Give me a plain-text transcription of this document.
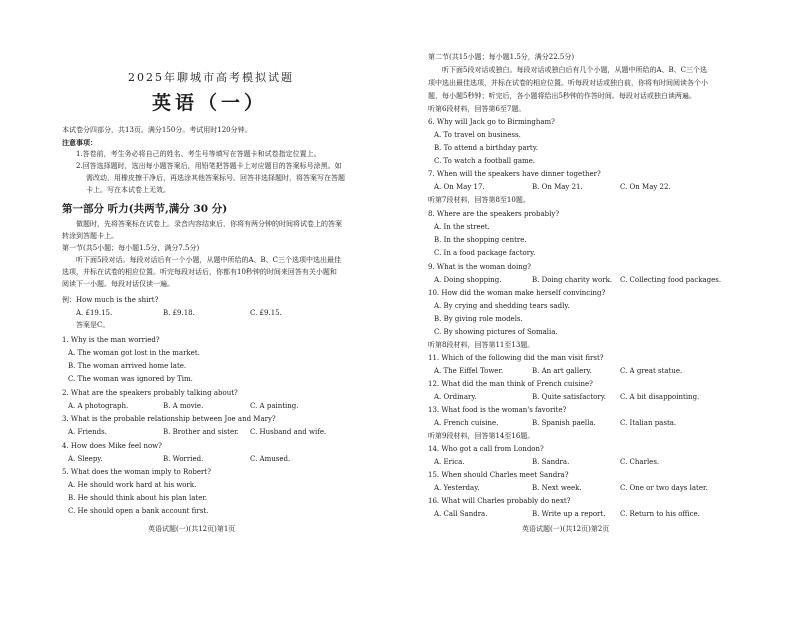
2025年聊城市高考模拟试题
英语（一）
本试卷分四部分，共13页。满分150分。考试用时120分钟。
注意事项：
1.答卷前，考生务必将自己的姓名、考生号等填写在答题卡和试卷指定位置上。
2.回答选择题时，选出每小题答案后，用铅笔把答题卡上对应题目的答案标号涂黑。如
需改动，用橡皮擦干净后，再选涂其他答案标号。回答非选择题时，将答案写在答题
卡上。写在本试卷上无效。
第一部分 听力(共两节,满分 30 分)
做题时，先将答案标在试卷上。录音内容结束后，你将有两分钟的时间将试卷上的答案
转涂到答题卡上。
第一节(共5小题；每小题1.5分，满分7.5分)
听下面5段对话。每段对话后有一个小题，从题中所给的A、B、C三个选项中选出最佳
选项，并标在试卷的相应位置。听完每段对话后，你都有10秒钟的时间来回答有关小题和
阅读下一小题。每段对话仅读一遍。
例：How much is the shirt?
A. £19.15.	B. £9.18.	C. £9.15.
答案是C。
1. Why is the man worried?
A. The woman got lost in the market.
B. The woman arrived home late.
C. The woman was ignored by Tim.
2. What are the speakers probably talking about?
A. A photograph.	B. A movie.	C. A painting.
3. What is the probable relationship between Joe and Mary?
A. Friends.	B. Brother and sister. C. Husband and wife.
4. How does Mike feel now?
A. Sleepy.	B. Worried.	C. Amused.
5. What does the woman imply to Robert?
A. He should work hard at his work.
B. He should think about his plan later.
C. He should open a bank account first.
英语试题(一)(共12页)第1页
第二节(共15小题；每小题1.5分，满分22.5分)
听下面5段对话或独白。每段对话或独白后有几个小题，从题中所给的A、B、C三个选
项中选出最佳选项，并标在试卷的相应位置。听每段对话或独白前，你将有时间阅读各个小
题，每小题5秒钟；听完后，各小题将给出5秒钟的作答时间。每段对话或独白读两遍。
听第6段材料，回答第6至7题。
6. Why will Jack go to Birmingham?
A. To travel on business.
B. To attend a birthday party.
C. To watch a football game.
7. When will the speakers have dinner together?
A. On May 17.	B. On May 21.	C. On May 22.
听第7段材料，回答第8至10题。
8. Where are the speakers probably?
A. In the street.
B. In the shopping centre.
C. In a food package factory.
9. What is the woman doing?
A. Doing shopping.	B. Doing charity work. C. Collecting food packages.
10. How did the woman make herself convincing?
A. By crying and shedding tears sadly.
B. By giving role models.
C. By showing pictures of Somalia.
听第8段材料，回答第11至13题。
11. Which of the following did the man visit first?
A. The Eiffel Tower.	B. An art gallery.	C. A great statue.
12. What did the man think of French cuisine?
A. Ordinary.	B. Quite satisfactory. C. A bit disappointing.
13. What food is the woman's favorite?
A. French cuisine.	B. Spanish paella.	C. Italian pasta.
听第9段材料，回答第14至16题。
14. Who got a call from London?
A. Erica.	B. Sandra.	C. Charles.
15. When should Charles meet Sandra?
A. Yesterday.	B. Next week.	C. One or two days later.
16. What will Charles probably do next?
A. Call Sandra.	B. Write up a report. C. Return to his office.
英语试题(一)(共12页)第2页
